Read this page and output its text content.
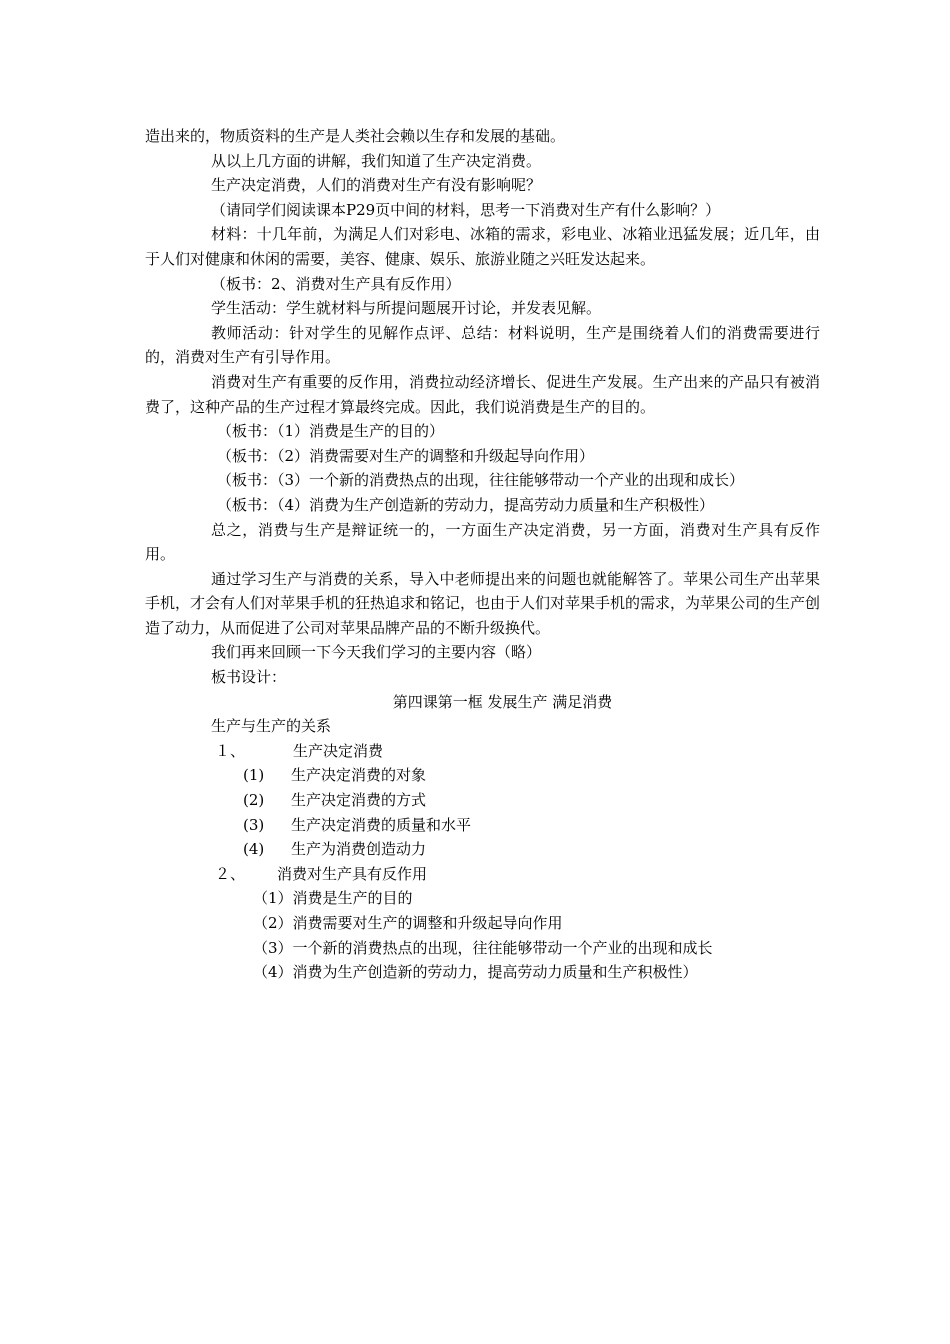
造出来的，物质资料的生产是人类社会赖以生存和发展的基础。

从以上几方面的讲解，我们知道了生产决定消费。

生产决定消费，人们的消费对生产有没有影响呢？

（请同学们阅读课本P29页中间的材料，思考一下消费对生产有什么影响？）

材料：十几年前，为满足人们对彩电、冰箱的需求，彩电业、冰箱业迅猛发展；近几年，由于人们对健康和休闲的需要，美容、健康、娱乐、旅游业随之兴旺发达起来。

（板书：2、消费对生产具有反作用）

学生活动：学生就材料与所提问题展开讨论，并发表见解。

教师活动：针对学生的见解作点评、总结：材料说明，生产是围绕着人们的消费需要进行的，消费对生产有引导作用。

消费对生产有重要的反作用，消费拉动经济增长、促进生产发展。生产出来的产品只有被消费了，这种产品的生产过程才算最终完成。因此，我们说消费是生产的目的。

（板书：（1）消费是生产的目的）

（板书：（2）消费需要对生产的调整和升级起导向作用）

（板书：（3）一个新的消费热点的出现，往往能够带动一个产业的出现和成长）

（板书：（4）消费为生产创造新的劳动力，提高劳动力质量和生产积极性）

总之，消费与生产是辩证统一的，一方面生产决定消费，另一方面，消费对生产具有反作用。

通过学习生产与消费的关系，导入中老师提出来的问题也就能解答了。苹果公司生产出苹果手机，才会有人们对苹果手机的狂热追求和铭记，也由于人们对苹果手机的需求，为苹果公司的生产创造了动力，从而促进了公司对苹果品牌产品的不断升级换代。

我们再来回顾一下今天我们学习的主要内容（略）

板书设计：

第四课第一框 发展生产 满足消费

生产与生产的关系

１、	生产决定消费

(1) 生产决定消费的对象

(2) 生产决定消费的方式

(3) 生产决定消费的质量和水平

(4) 生产为消费创造动力

２、 消费对生产具有反作用

（1）消费是生产的目的

（2）消费需要对生产的调整和升级起导向作用

（3）一个新的消费热点的出现，往往能够带动一个产业的出现和成长

（4）消费为生产创造新的劳动力，提高劳动力质量和生产积极性）
